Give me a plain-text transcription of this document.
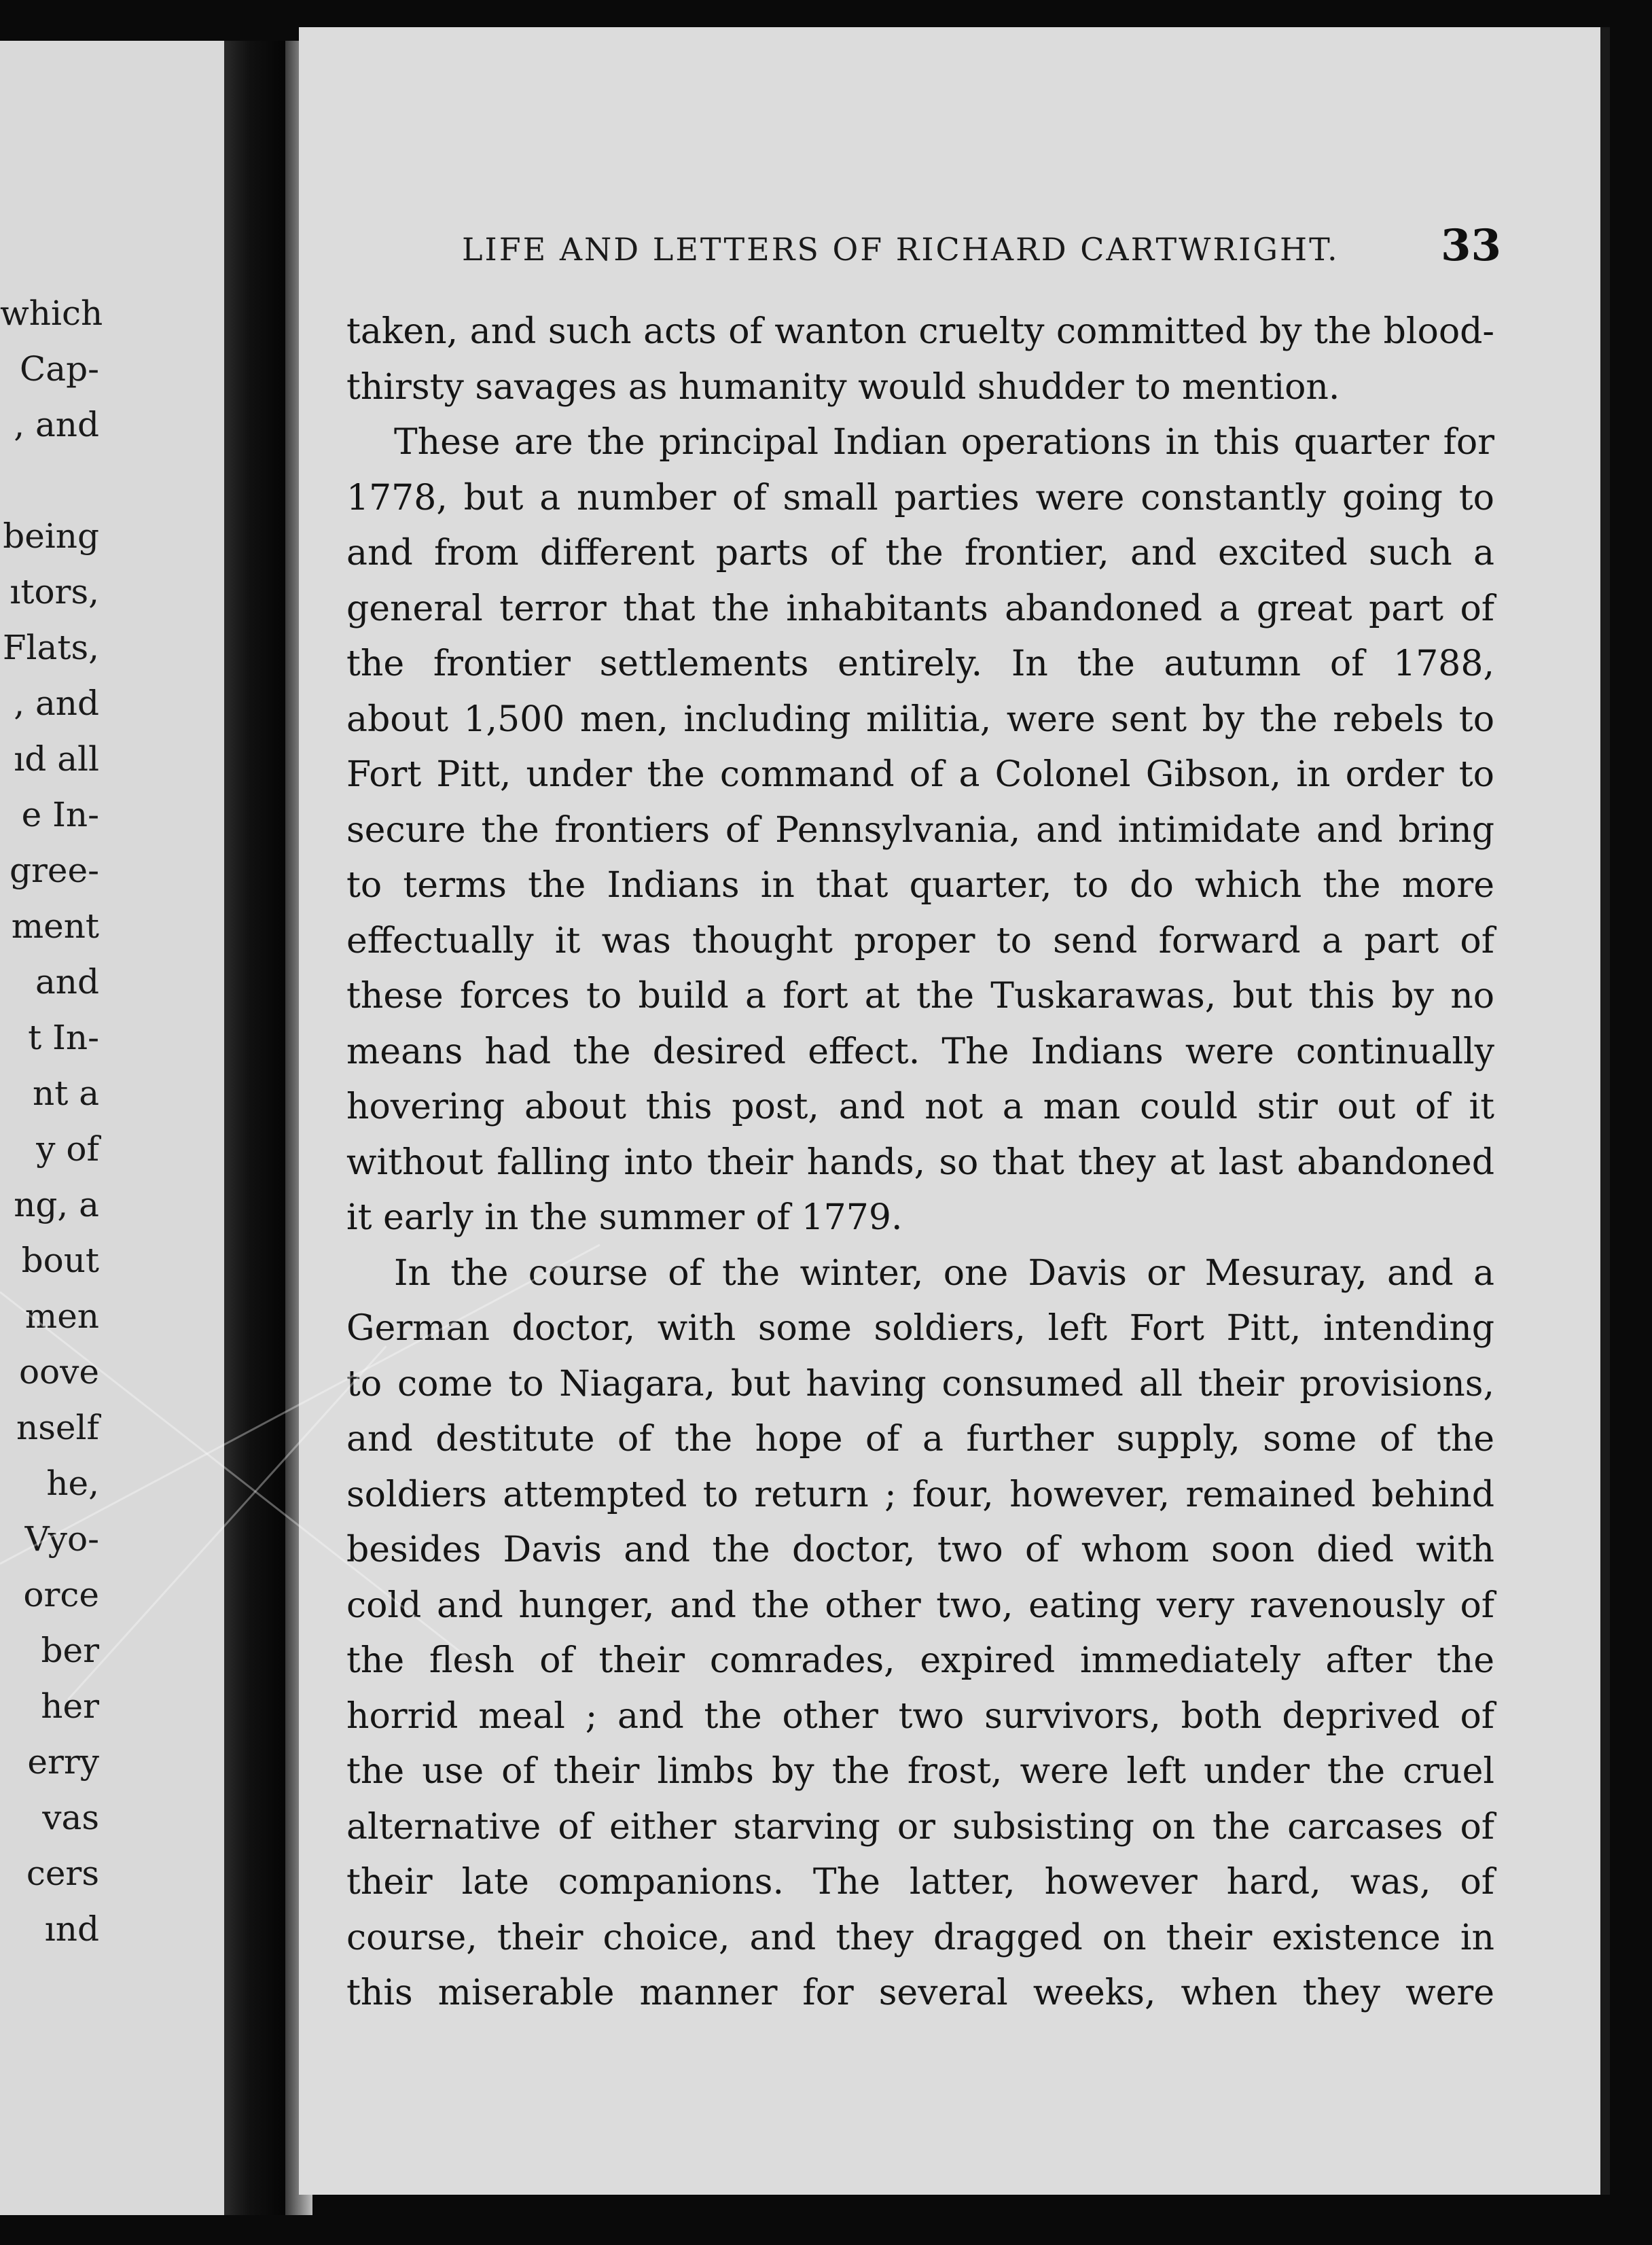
which
Cap-
, and
being
ıtors,
Flats,
, and
ıd all
e In-
gree-
ment
and
t In-
nt a
y of
ng, a
bout
men
oove
nself
he,
Vyo-
orce
ber
her
erry
vas
cers
ınd
LIFE AND LETTERS OF RICHARD CARTWRIGHT. 33
taken, and such acts of wanton cruelty committed by the blood-
thirsty savages as humanity would shudder to mention.
These are the principal Indian operations in this quarter for
1778, but a number of small parties were constantly going to
and from different parts of the frontier, and excited such a
general terror that the inhabitants abandoned a great part of
the frontier settlements entirely. In the autumn of 1788,
about 1,500 men, including militia, were sent by the rebels to
Fort Pitt, under the command of a Colonel Gibson, in order to
secure the frontiers of Pennsylvania, and intimidate and bring
to terms the Indians in that quarter, to do which the more
effectually it was thought proper to send forward a part of
these forces to build a fort at the Tuskarawas, but this by no
means had the desired effect. The Indians were continually
hovering about this post, and not a man could stir out of it
without falling into their hands, so that they at last abandoned
it early in the summer of 1779.
In the course of the winter, one Davis or Mesuray, and a
German doctor, with some soldiers, left Fort Pitt, intending
to come to Niagara, but having consumed all their provisions,
and destitute of the hope of a further supply, some of the
soldiers attempted to return ; four, however, remained behind
besides Davis and the doctor, two of whom soon died with
cold and hunger, and the other two, eating very ravenously of
the flesh of their comrades, expired immediately after the
horrid meal ; and the other two survivors, both deprived of
the use of their limbs by the frost, were left under the cruel
alternative of either starving or subsisting on the carcases of
their late companions. The latter, however hard, was, of
course, their choice, and they dragged on their existence in
this miserable manner for several weeks, when they were
